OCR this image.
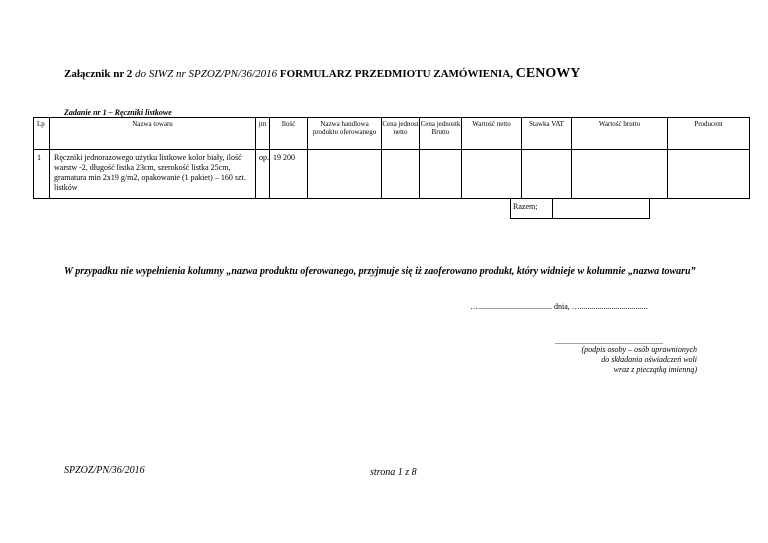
Załącznik nr 2 do SIWZ nr SPZOZ/PN/36/2016 FORMULARZ PRZEDMIOTU ZAMÓWIENIA, CENOWY
Zadanie nr 1 – Ręczniki listkowe
Lp	Nazwa towaru	jm	Ilość	Nazwa handlowa produktu oferowanego	Cena jednost netto	Cena jednostk Brutto	Wartość netto	Stawka VAT	Wartość brutto	Producent
1	Ręczniki jednorazowego użytku listkowe kolor biały, ilość warstw -2, długość listka 23cm, szerokość listka 25cm, gramatura min 2x19 g/m2, opakowanie (1 pakiet) – 160 szt. listków	op.	19 200							
Razem;	
W przypadku nie wypełnienia kolumny „nazwa produktu oferowanego, przyjmuje się iż zaoferowano produkt, który widnieje w kolumnie „nazwa towaru”
…..................................... dnia, …..................................
......................................................
(podpis osoby – osób uprawnionych
do składania oświadczeń woli
wraz z pieczątką imienną)
SPZOZ/PN/36/2016	strona 1 z 8
